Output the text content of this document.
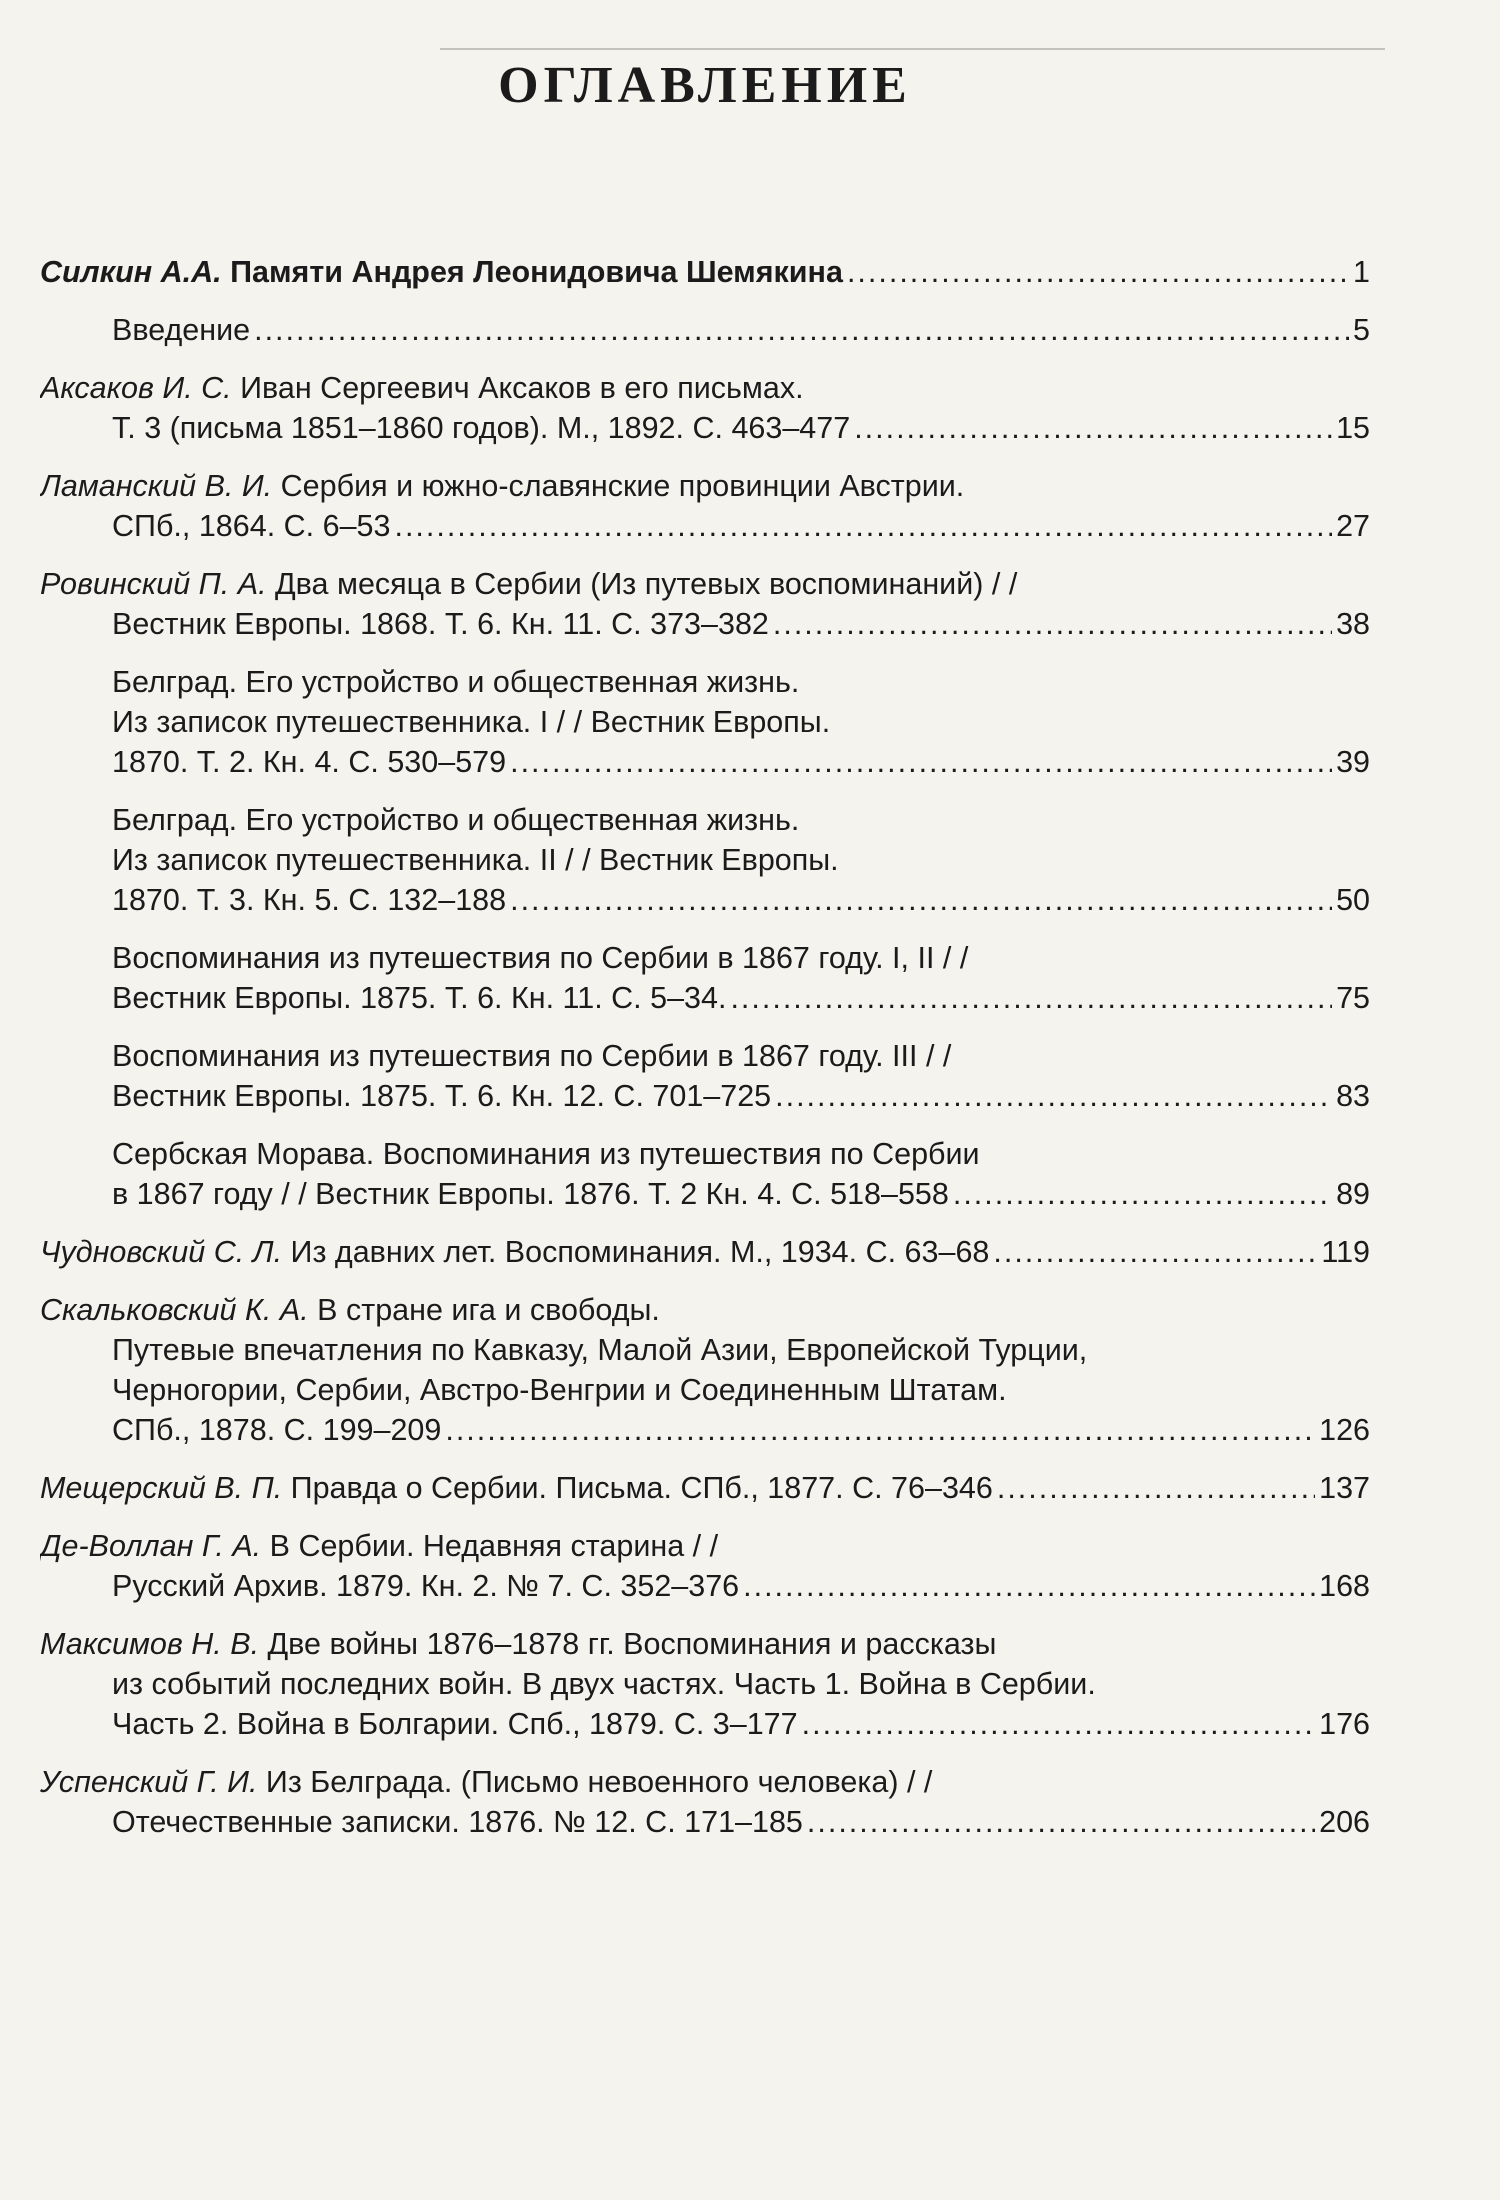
ОГЛАВЛЕНИЕ
Силкин А.А. Памяти Андрея Леонидовича Шемякина .....	1
Введение .....	5
Аксаков И. С. Иван Сергеевич Аксаков в его письмах.
Т. 3 (письма 1851–1860 годов). М., 1892. С. 463–477 .....	15
Ламанский В. И. Сербия и южно-славянские провинции Австрии.
СПб., 1864. С. 6–53 .....	27
Ровинский П. А. Два месяца в Сербии (Из путевых воспоминаний) / /
Вестник Европы. 1868. Т. 6. Кн. 11. С. 373–382 .....	38
Белград. Его устройство и общественная жизнь.
Из записок путешественника. I / / Вестник Европы.
1870. Т. 2. Кн. 4. С. 530–579 .....	39
Белград. Его устройство и общественная жизнь.
Из записок путешественника. II / / Вестник Европы.
1870. Т. 3. Кн. 5. С. 132–188 .....	50
Воспоминания из путешествия по Сербии в 1867 году. I, II / /
Вестник Европы. 1875. Т. 6. Кн. 11. С. 5–34. .....	75
Воспоминания из путешествия по Сербии в 1867 году. III / /
Вестник Европы. 1875. Т. 6. Кн. 12. С. 701–725 .....	83
Сербская Морава. Воспоминания из путешествия по Сербии
в 1867 году / / Вестник Европы. 1876. Т. 2 Кн. 4. С. 518–558 .....	89
Чудновский С. Л. Из давних лет. Воспоминания. М., 1934. С. 63–68 .....	119
Скальковский К. А. В стране ига и свободы.
Путевые впечатления по Кавказу, Малой Азии, Европейской Турции,
Черногории, Сербии, Австро-Венгрии и Соединенным Штатам.
СПб., 1878. С. 199–209 .....	126
Мещерский В. П. Правда о Сербии. Письма. СПб., 1877. С. 76–346 .....	137
Де-Воллан Г. А. В Сербии. Недавняя старина / /
Русский Архив. 1879. Кн. 2. № 7. С. 352–376 .....	168
Максимов Н. В. Две войны 1876–1878 гг. Воспоминания и рассказы
из событий последних войн. В двух частях. Часть 1. Война в Сербии.
Часть 2. Война в Болгарии. Спб., 1879. С. 3–177 .....	176
Успенский Г. И. Из Белграда. (Письмо невоенного человека) / /
Отечественные записки. 1876. № 12. С. 171–185 .....	206
